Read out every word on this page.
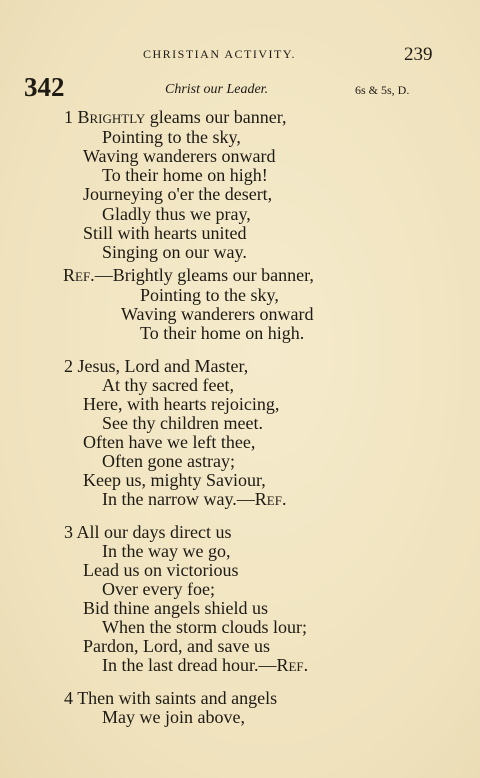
CHRISTIAN ACTIVITY.	239
342	Christ our Leader.	6s & 5s, D.
1 Brightly gleams our banner,
Pointing to the sky,
Waving wanderers onward
To their home on high!
Journeying o'er the desert,
Gladly thus we pray,
Still with hearts united
Singing on our way.
Ref.—Brightly gleams our banner,
Pointing to the sky,
Waving wanderers onward
To their home on high.
2 Jesus, Lord and Master,
At thy sacred feet,
Here, with hearts rejoicing,
See thy children meet.
Often have we left thee,
Often gone astray;
Keep us, mighty Saviour,
In the narrow way.—Ref.
3 All our days direct us
In the way we go,
Lead us on victorious
Over every foe;
Bid thine angels shield us
When the storm clouds lour;
Pardon, Lord, and save us
In the last dread hour.—Ref.
4 Then with saints and angels
May we join above,
